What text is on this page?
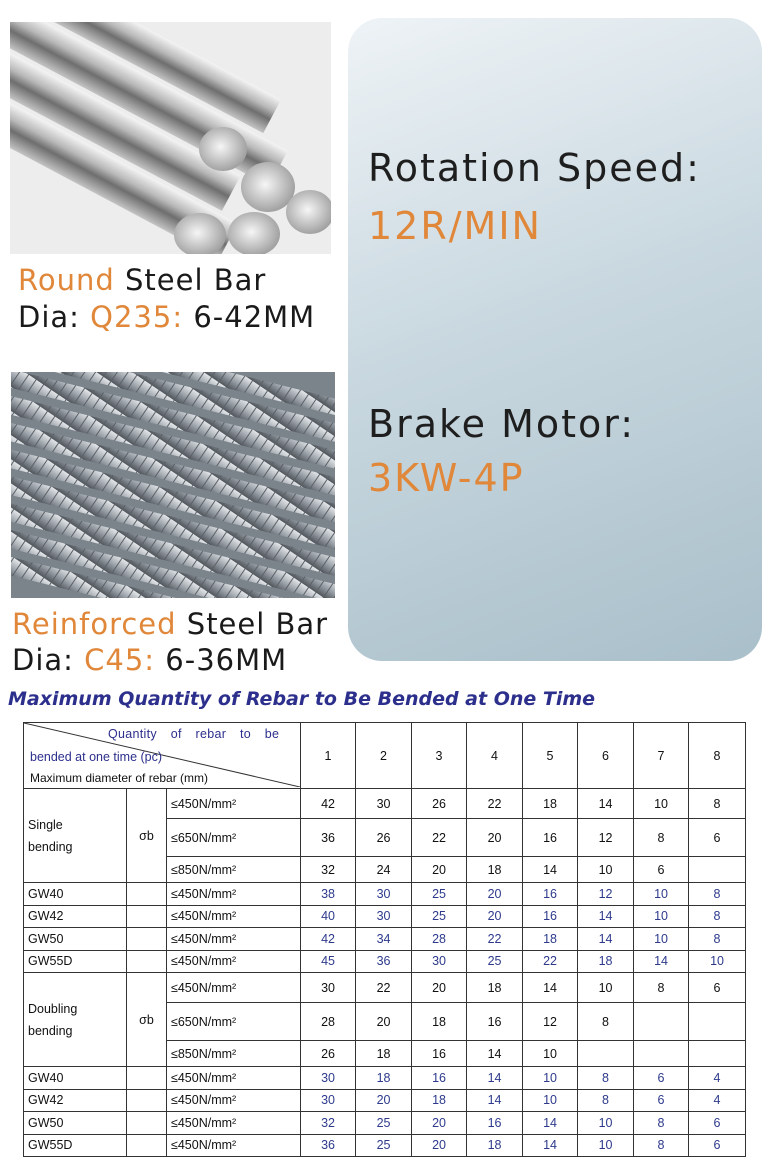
Round Steel Bar
Dia: Q235: 6-42MM
Reinforced Steel Bar
Dia: C45: 6-36MM
Rotation Speed:
12R/MIN
Brake Motor:
3KW-4P
Maximum Quantity of Rebar to Be Bended at One Time
Quantity of rebar to be
bended at one time (pc)
Maximum diameter of rebar (mm)			1	2	3	4	5	6	7	8
Single bending	σb	≤450N/mm²	42	30	26	22	18	14	10	8
		≤650N/mm²	36	26	22	20	16	12	8	6
		≤850N/mm²	32	24	20	18	14	10	6	
GW40		≤450N/mm²	38	30	25	20	16	12	10	8
GW42		≤450N/mm²	40	30	25	20	16	14	10	8
GW50		≤450N/mm²	42	34	28	22	18	14	10	8
GW55D		≤450N/mm²	45	36	30	25	22	18	14	10
Doubling bending	σb	≤450N/mm²	30	22	20	18	14	10	8	6
		≤650N/mm²	28	20	18	16	12	8		
		≤850N/mm²	26	18	16	14	10			
GW40		≤450N/mm²	30	18	16	14	10	8	6	4
GW42		≤450N/mm²	30	20	18	14	10	8	6	4
GW50		≤450N/mm²	32	25	20	16	14	10	8	6
GW55D		≤450N/mm²	36	25	20	18	14	10	8	6
